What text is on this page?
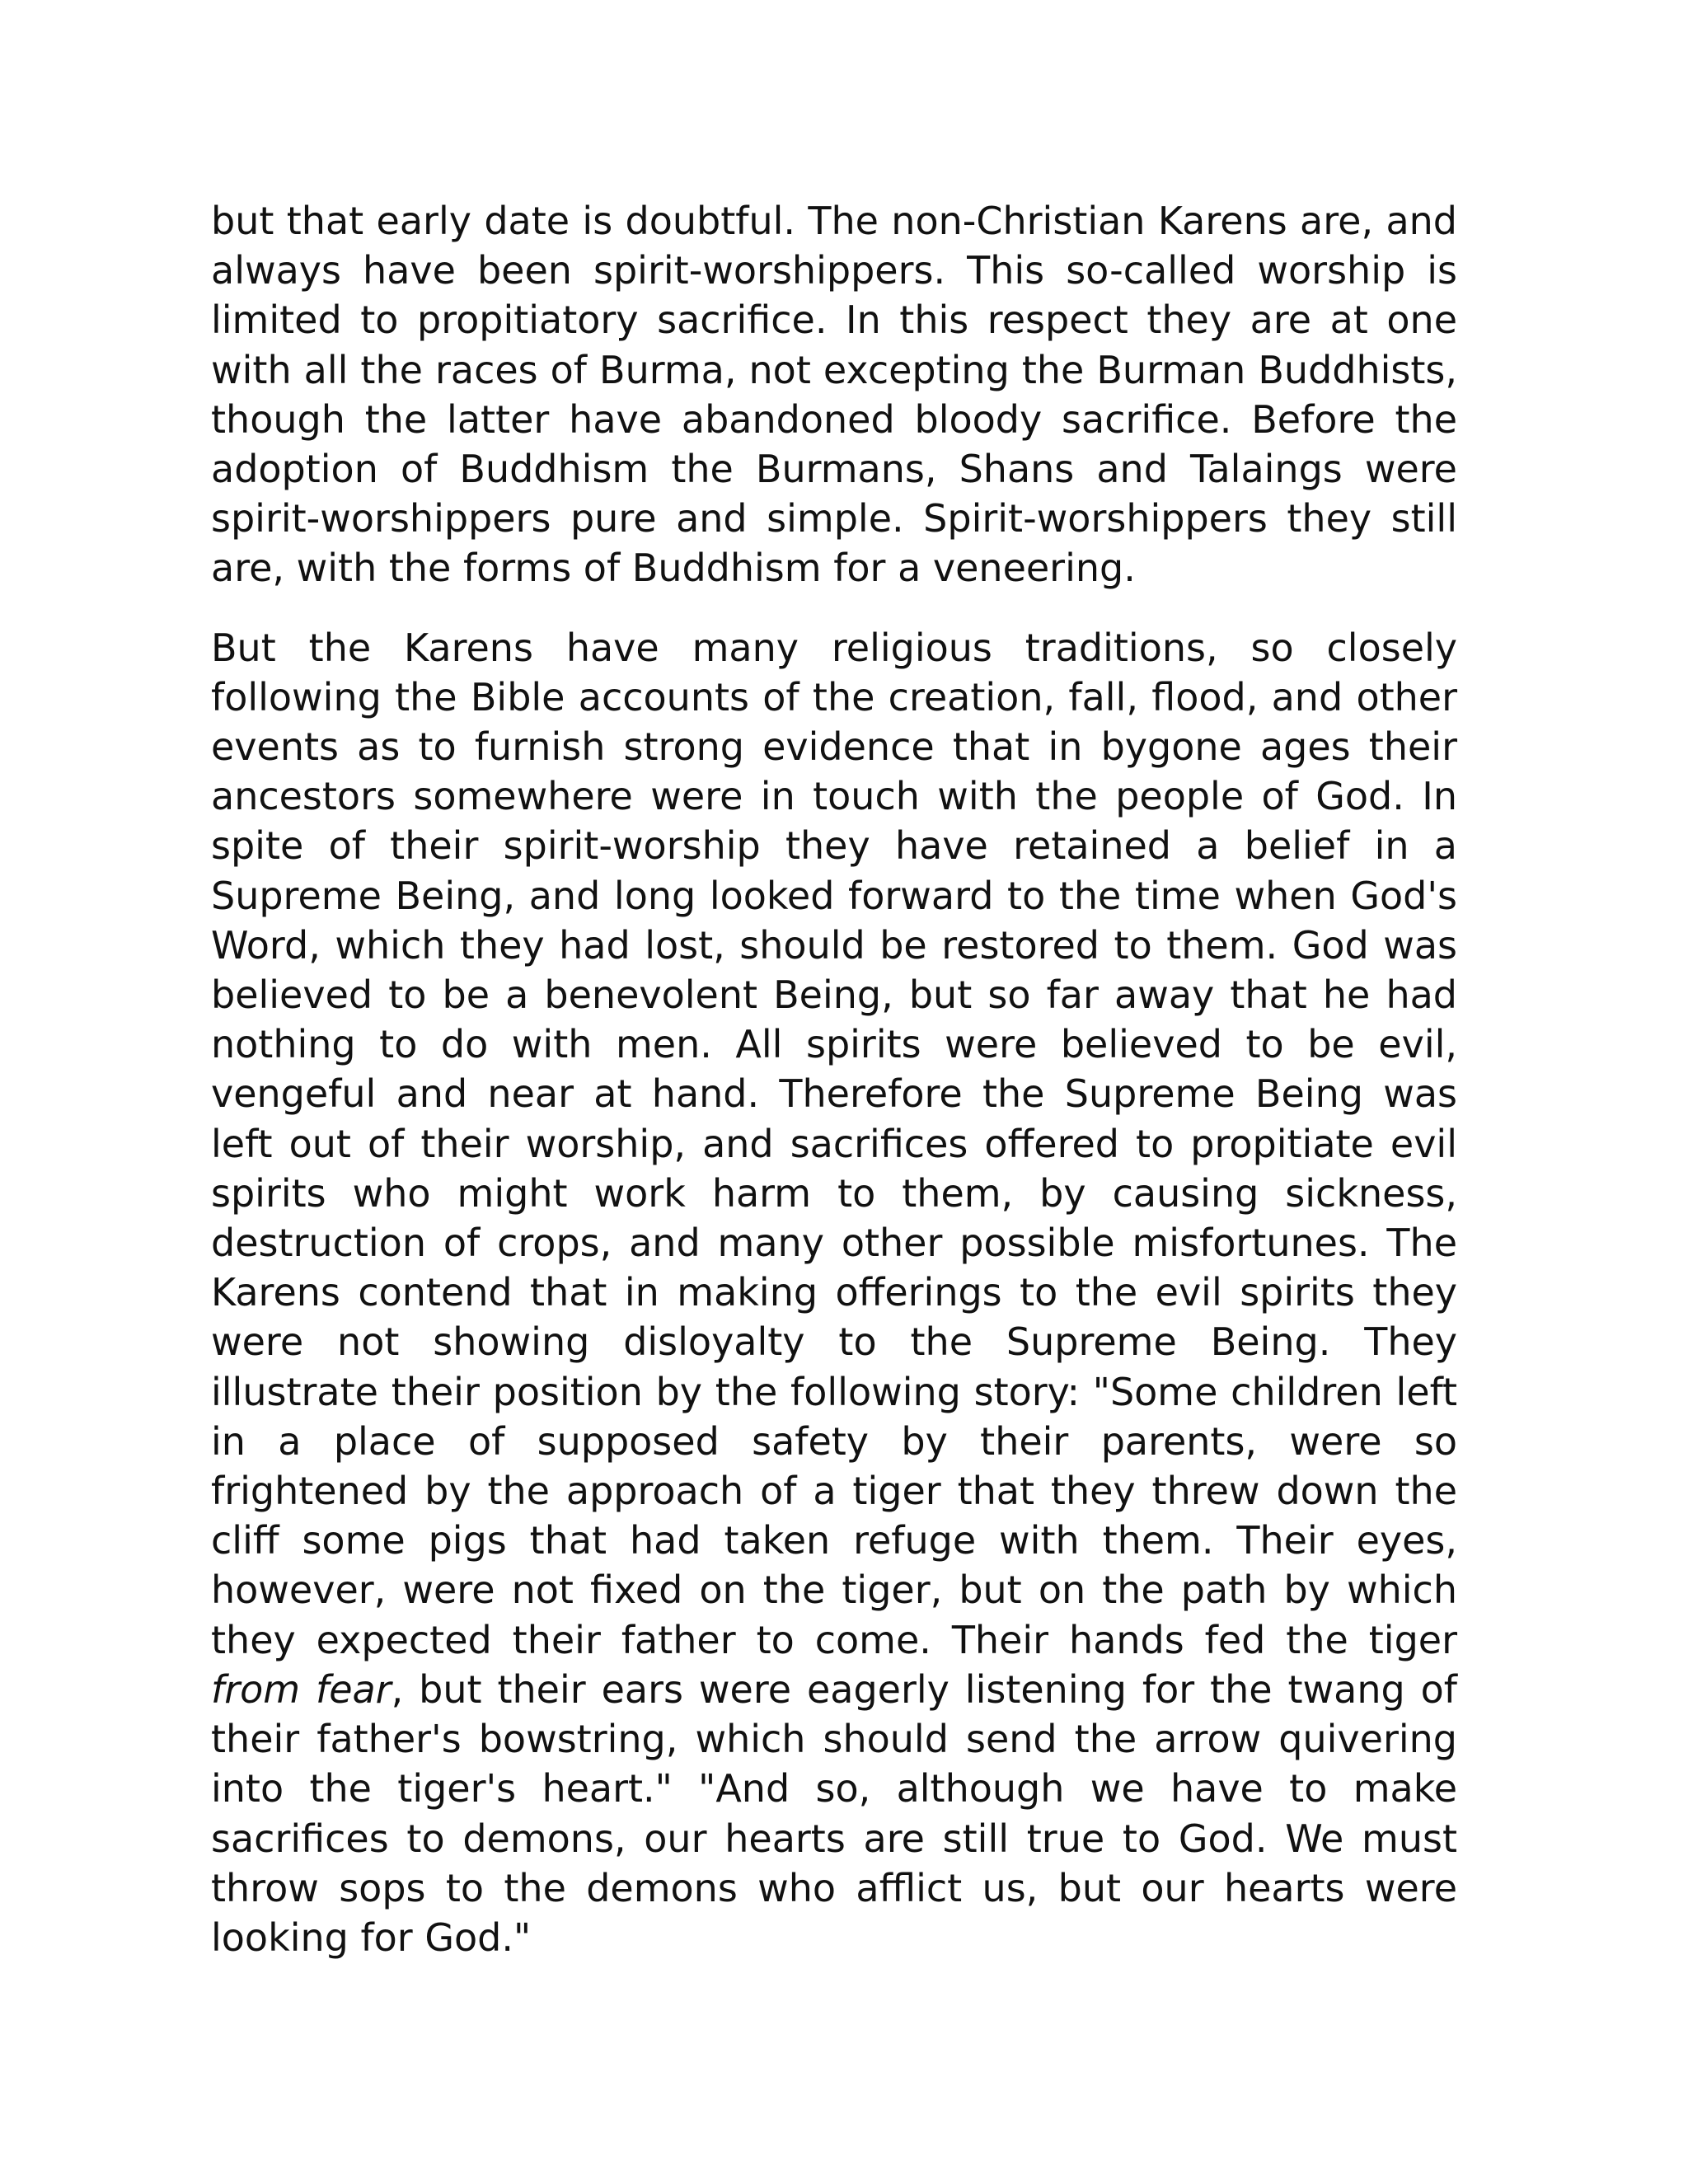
but that early date is doubtful. The non-Christian Karens are, and always have been spirit-worshippers. This so-called worship is limited to propitiatory sacrifice. In this respect they are at one with all the races of Burma, not excepting the Burman Buddhists, though the latter have abandoned bloody sacrifice. Before the adoption of Buddhism the Burmans, Shans and Talaings were spirit-worshippers pure and simple. Spirit-worshippers they still are, with the forms of Buddhism for a veneering.

But the Karens have many religious traditions, so closely following the Bible accounts of the creation, fall, flood, and other events as to furnish strong evidence that in bygone ages their ancestors somewhere were in touch with the people of God. In spite of their spirit-worship they have retained a belief in a Supreme Being, and long looked forward to the time when God's Word, which they had lost, should be restored to them. God was believed to be a benevolent Being, but so far away that he had nothing to do with men. All spirits were believed to be evil, vengeful and near at hand. Therefore the Supreme Being was left out of their worship, and sacrifices offered to propitiate evil spirits who might work harm to them, by causing sickness, destruction of crops, and many other possible misfortunes. The Karens contend that in making offerings to the evil spirits they were not showing disloyalty to the Supreme Being. They illustrate their position by the following story: "Some children left in a place of supposed safety by their parents, were so frightened by the approach of a tiger that they threw down the cliff some pigs that had taken refuge with them. Their eyes, however, were not fixed on the tiger, but on the path by which they expected their father to come. Their hands fed the tiger from fear, but their ears were eagerly listening for the twang of their father's bowstring, which should send the arrow quivering into the tiger's heart." "And so, although we have to make sacrifices to demons, our hearts are still true to God. We must throw sops to the demons who afflict us, but our hearts were looking for God."
